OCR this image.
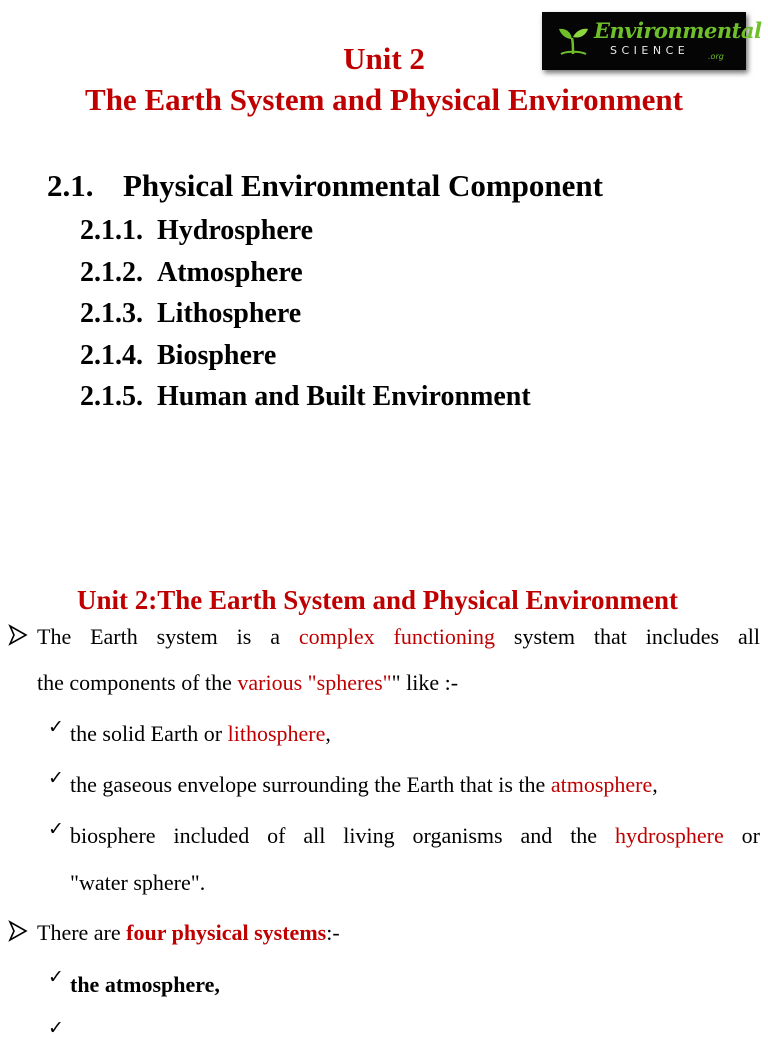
Environmental
SCIENCE .org
Unit 2
The Earth System and Physical Environment
2.1. Physical Environmental Component
2.1.1. Hydrosphere
2.1.2. Atmosphere
2.1.3. Lithosphere
2.1.4. Biosphere
2.1.5. Human and Built Environment
Unit 2:The Earth System and Physical Environment
The Earth system is a complex functioning system that includes all
the components of the various "spheres"" like :-
✓ the solid Earth or lithosphere,
✓ the gaseous envelope surrounding the Earth that is the atmosphere,
✓ biosphere included of all living organisms and the hydrosphere or
"water sphere".
There are four physical systems:-
✓ the atmosphere,
✓
